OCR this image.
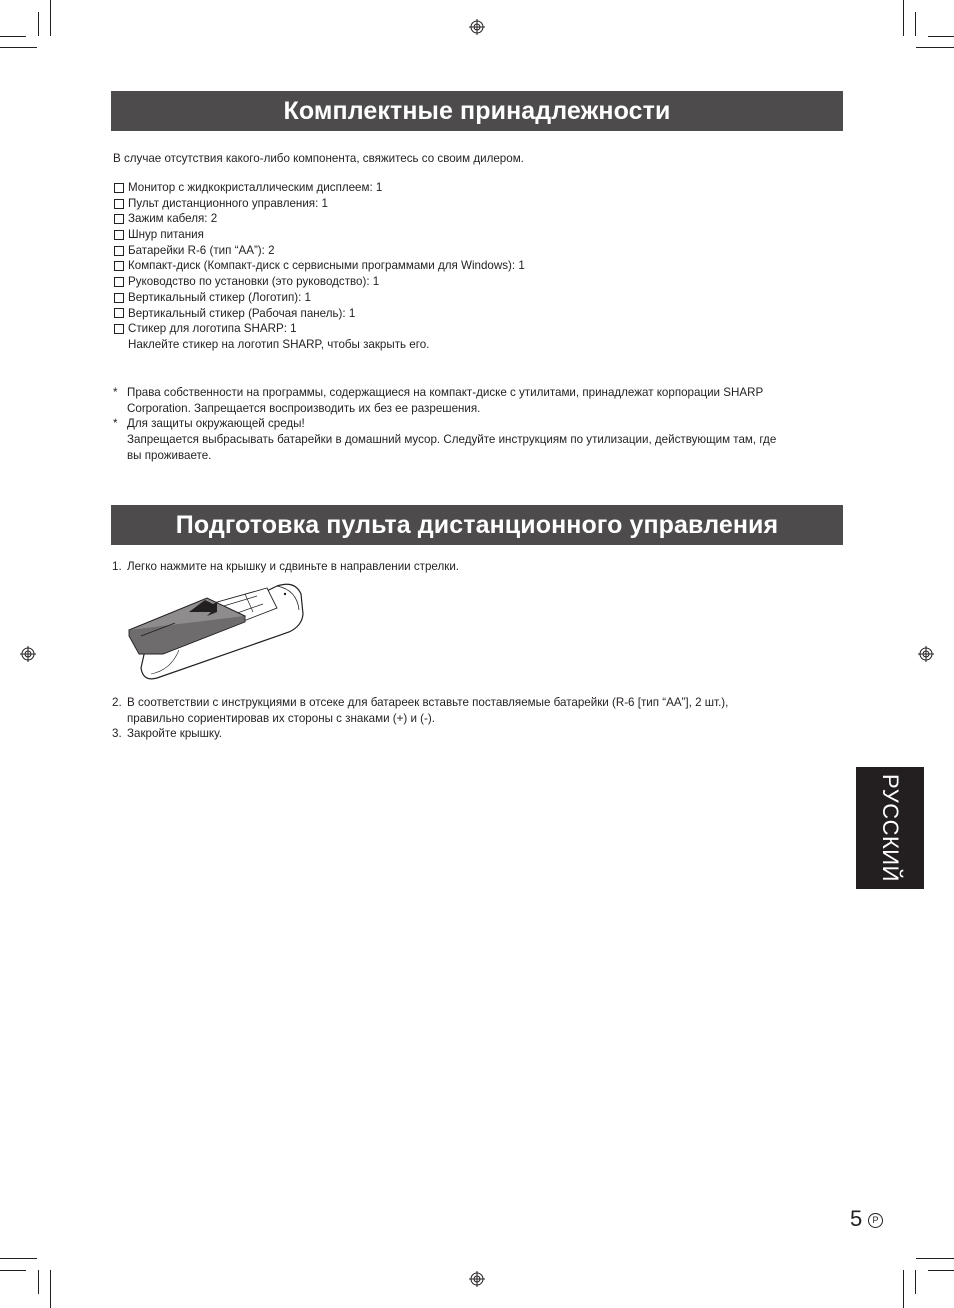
Комплектные принадлежности
В случае отсутствия какого-либо компонента, свяжитесь со своим дилером.
Монитор с жидкокристаллическим дисплеем: 1
Пульт дистанционного управления: 1
Зажим кабеля: 2
Шнур питания
Батарейки R-6 (тип “AA”): 2
Компакт-диск (Компакт-диск с сервисными программами для Windows): 1
Руководство по установки (это руководство): 1
Вертикальный стикер (Логотип): 1
Вертикальный стикер (Рабочая панель): 1
Стикер для логотипа SHARP: 1
Наклейте стикер на логотип SHARP, чтобы закрыть его.
* Права собственности на программы, содержащиеся на компакт-диске с утилитами, принадлежат корпорации SHARP
Corporation. Запрещается воспроизводить их без ее разрешения.
* Для защиты окружающей среды!
Запрещается выбрасывать батарейки в домашний мусор. Следуйте инструкциям по утилизации, действующим там, где
вы проживаете.
Подготовка пульта дистанционного управления
1. Легко нажмите на крышку и сдвиньте в направлении стрелки.
2. В соответствии с инструкциями в отсеке для батареек вставьте поставляемые батарейки (R-6 [тип “AA”], 2 шт.),
правильно сориентировав их стороны с знаками (+) и (-).
3. Закройте крышку.
РУССКИЙ
5	P
